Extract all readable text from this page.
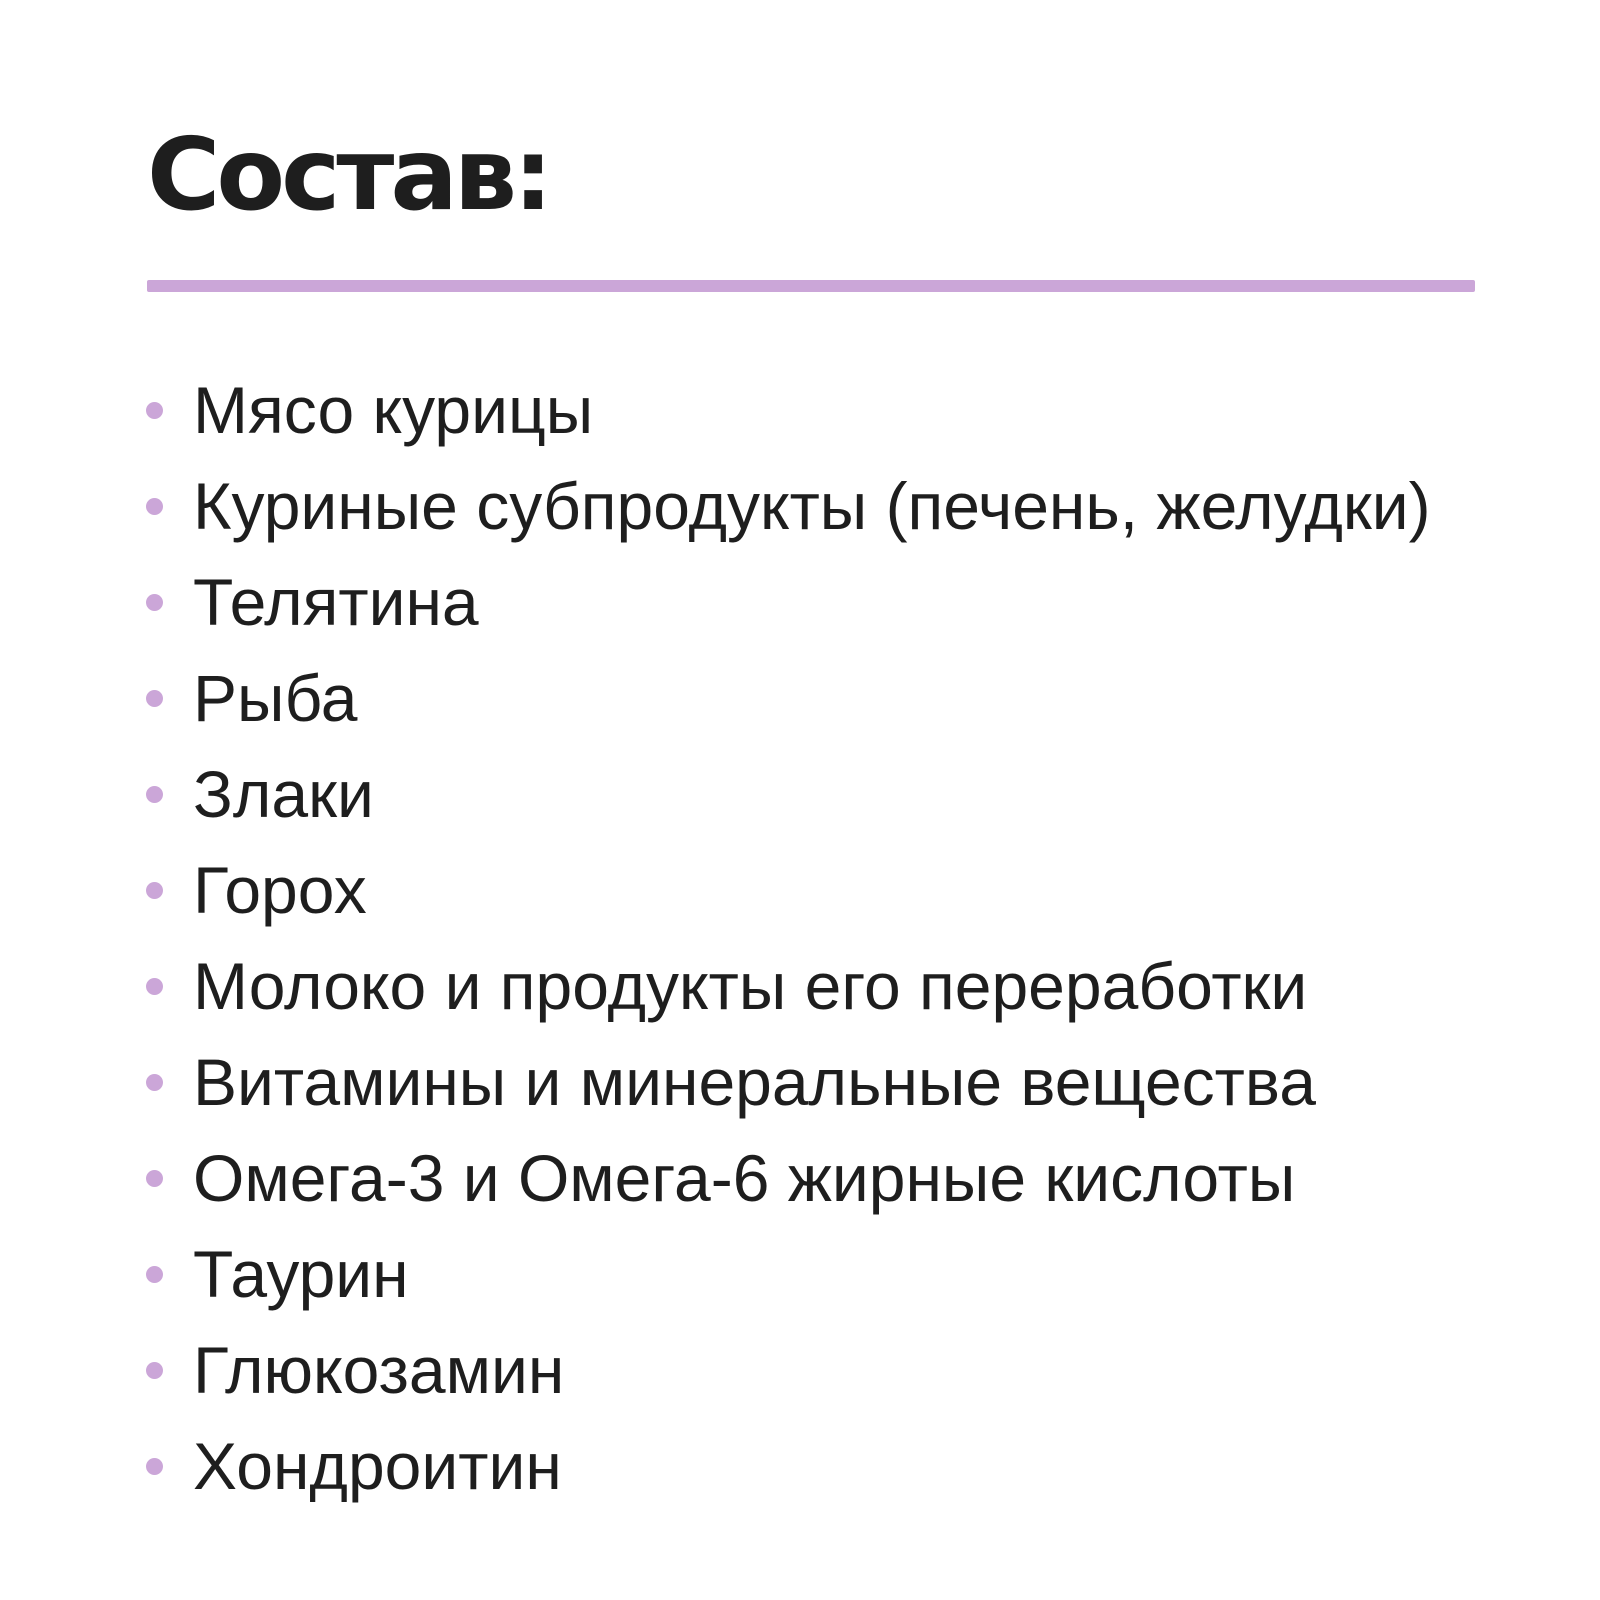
Состав:
Мясо курицы
Куриные субпродукты (печень, желудки)
Телятина
Рыба
Злаки
Горох
Молоко и продукты его переработки
Витамины и минеральные вещества
Омега-3 и Омега-6 жирные кислоты
Таурин
Глюкозамин
Хондроитин
